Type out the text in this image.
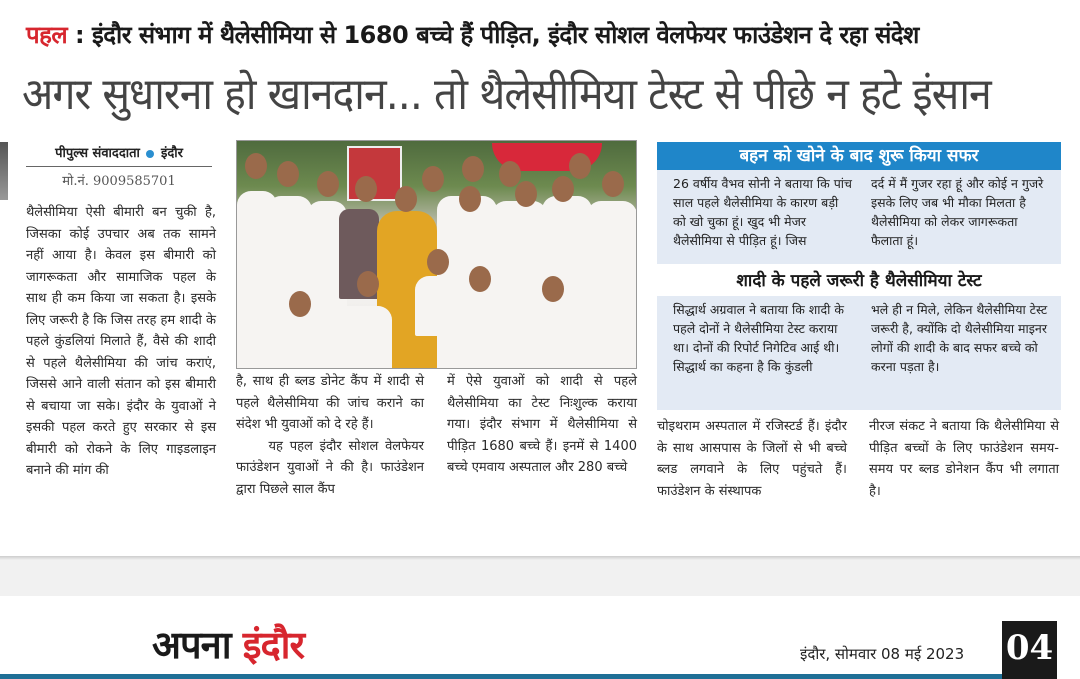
पहल : इंदौर संभाग में थैलेसीमिया से 1680 बच्चे हैं पीड़ित, इंदौर सोशल वेलफेयर फाउंडेशन दे रहा संदेश
अगर सुधारना हो खानदान... तो थैलेसीमिया टेस्ट से पीछे न हटे इंसान
पीपुल्स संवाददाता इंदौर
मो.नं. 9009585701

थैलेसीमिया ऐसी बीमारी बन चुकी है, जिसका कोई उपचार अब तक सामने नहीं आया है। केवल इस बीमारी को जागरूकता और सामाजिक पहल के साथ ही कम किया जा सकता है। इसके लिए जरूरी है कि जिस तरह हम शादी के पहले कुंडलियां मिलाते हैं, वैसे की शादी से पहले थैलेसीमिया की जांच कराएं, जिससे आने वाली संतान को इस बीमारी से बचाया जा सके। इंदौर के युवाओं ने इसकी पहल करते हुए सरकार से इस बीमारी को रोकने के लिए गाइडलाइन बनाने की मांग की

है, साथ ही ब्लड डोनेट कैंप में शादी से पहले थैलेसीमिया की जांच कराने का संदेश भी युवाओं को दे रहे हैं।

यह पहल इंदौर सोशल वेलफेयर फाउंडेशन युवाओं ने की है। फाउंडेशन द्वारा पिछले साल कैंप

में ऐसे युवाओं को शादी से पहले थैलेसीमिया का टेस्ट निःशुल्क कराया गया। इंदौर संभाग में थैलेसीमिया से पीड़ित 1680 बच्चे हैं। इनमें से 1400 बच्चे एमवाय अस्पताल और 280 बच्चे

बहन को खोने के बाद शुरू किया सफर
26 वर्षीय वैभव सोनी ने बताया कि पांच साल पहले थैलेसीमिया के कारण बड़ी को खो चुका हूं। खुद भी मेजर थैलेसीमिया से पीड़ित हूं। जिस
दर्द में मैं गुजर रहा हूं और कोई न गुजरे इसके लिए जब भी मौका मिलता है थैलेसीमिया को लेकर जागरूकता फैलाता हूं।
शादी के पहले जरूरी है थैलेसीमिया टेस्ट
सिद्धार्थ अग्रवाल ने बताया कि शादी के पहले दोनों ने थैलेसीमिया टेस्ट कराया था। दोनों की रिपोर्ट निगेटिव आई थी। सिद्धार्थ का कहना है कि कुंडली
भले ही न मिले, लेकिन थैलेसीमिया टेस्ट जरूरी है, क्योंकि दो थैलेसीमिया माइनर लोगों की शादी के बाद सफर बच्चे को करना पड़ता है।

चोइथराम अस्पताल में रजिस्टर्ड हैं। इंदौर के साथ आसपास के जिलों से भी बच्चे ब्लड लगवाने के लिए पहुंचते हैं। फाउंडेशन के संस्थापक

नीरज संकट ने बताया कि थैलेसीमिया से पीड़ित बच्चों के लिए फाउंडेशन समय-समय पर ब्लड डोनेशन कैंप भी लगाता है।

अपना इंदौर	इंदौर, सोमवार 08 मई 2023 04
